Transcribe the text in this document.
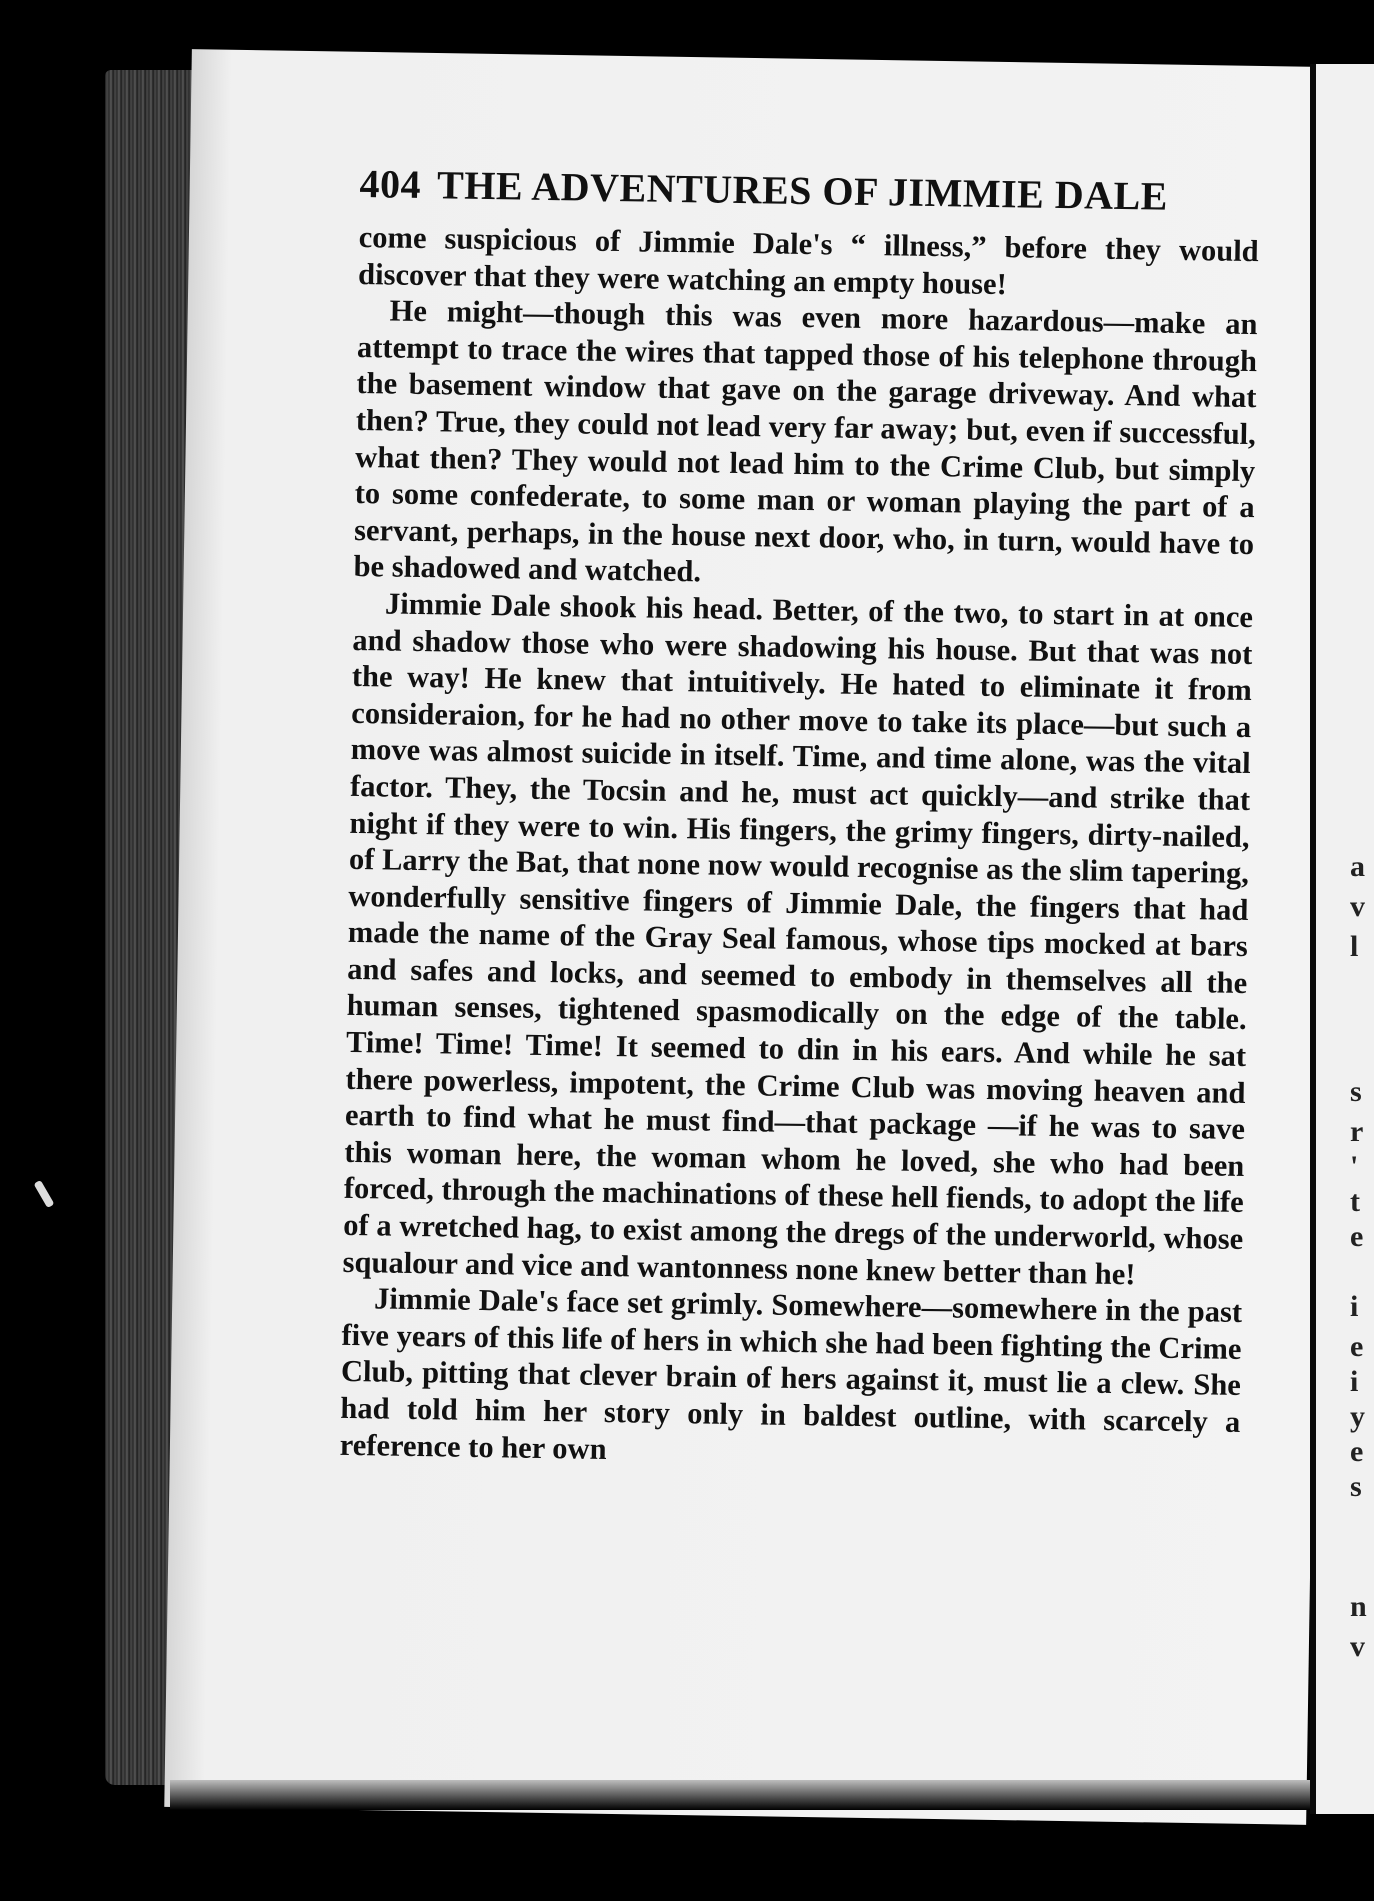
a
v
l
s
r
'
t
e
i
e
i
y
e
s
n
v
404 THE ADVENTURES OF JIMMIE DALE

come suspicious of Jimmie Dale's “ illness,” before they would discover that they were watching an empty house!

He might—though this was even more hazardous—make an attempt to trace the wires that tapped those of his telephone through the basement window that gave on the garage driveway. And what then? True, they could not lead very far away; but, even if successful, what then? They would not lead him to the Crime Club, but simply to some confederate, to some man or woman playing the part of a servant, perhaps, in the house next door, who, in turn, would have to be shadowed and watched.

Jimmie Dale shook his head. Better, of the two, to start in at once and shadow those who were shadowing his house. But that was not the way! He knew that intuitively. He hated to eliminate it from consideraion, for he had no other move to take its place—but such a move was almost suicide in itself. Time, and time alone, was the vital factor. They, the Tocsin and he, must act quickly—and strike that night if they were to win. His fingers, the grimy fingers, dirty-nailed, of Larry the Bat, that none now would recognise as the slim tapering, wonderfully sensitive fingers of Jimmie Dale, the fingers that had made the name of the Gray Seal famous, whose tips mocked at bars and safes and locks, and seemed to embody in themselves all the human senses, tightened spasmodically on the edge of the table. Time! Time! Time! It seemed to din in his ears. And while he sat there powerless, impotent, the Crime Club was moving heaven and earth to find what he must find—that package —if he was to save this woman here, the woman whom he loved, she who had been forced, through the machinations of these hell fiends, to adopt the life of a wretched hag, to exist among the dregs of the underworld, whose squalour and vice and wantonness none knew better than he!

Jimmie Dale's face set grimly. Somewhere—somewhere in the past five years of this life of hers in which she had been fighting the Crime Club, pitting that clever brain of hers against it, must lie a clew. She had told him her story only in baldest outline, with scarcely a reference to her own
